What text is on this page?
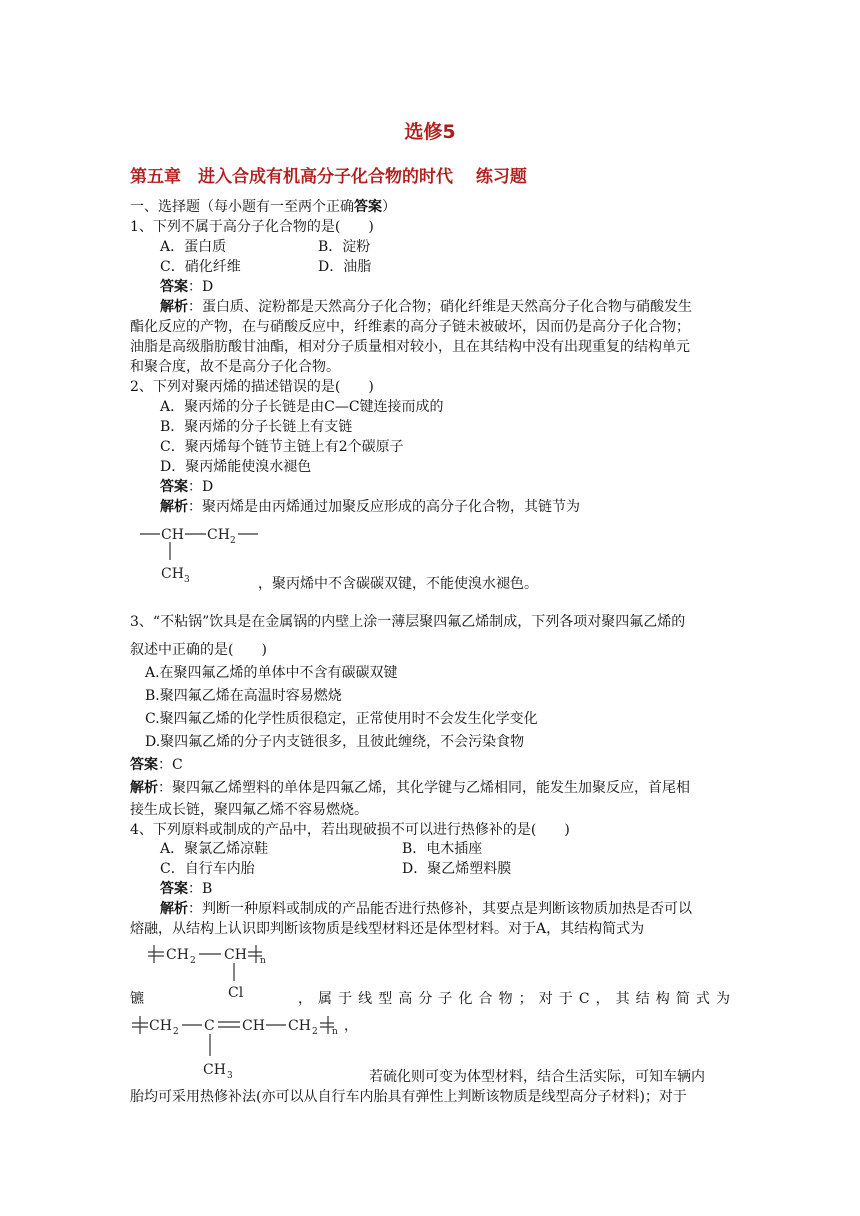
选修5
第五章　进入合成有机高分子化合物的时代　 练习题
一、选择题（每小题有一至两个正确答案）
1、下列不属于高分子化合物的是(　　)
A．蛋白质	B．淀粉
C．硝化纤维	D．油脂
答案：D
解析：蛋白质、淀粉都是天然高分子化合物；硝化纤维是天然高分子化合物与硝酸发生
酯化反应的产物，在与硝酸反应中，纤维素的高分子链未被破坏，因而仍是高分子化合物；
油脂是高级脂肪酸甘油酯，相对分子质量相对较小，且在其结构中没有出现重复的结构单元
和聚合度，故不是高分子化合物。
2、下列对聚丙烯的描述错误的是(　　)
A．聚丙烯的分子长链是由C—C键连接而成的
B．聚丙烯的分子长链上有支链
C．聚丙烯每个链节主链上有2个碳原子
D．聚丙烯能使溴水褪色
答案：D
解析：聚丙烯是由丙烯通过加聚反应形成的高分子化合物，其链节为
CH CH 2
CH 3	，聚丙烯中不含碳碳双键，不能使溴水褪色。
3、“不粘锅”饮具是在金属锅的内壁上涂一薄层聚四氟乙烯制成，下列各项对聚四氟乙烯的
叙述中正确的是(　　)
A.在聚四氟乙烯的单体中不含有碳碳双键
B.聚四氟乙烯在高温时容易燃烧
C.聚四氟乙烯的化学性质很稳定，正常使用时不会发生化学变化
D.聚四氟乙烯的分子内支链很多，且彼此缠绕，不会污染食物
答案：C
解析：聚四氟乙烯塑料的单体是四氟乙烯，其化学键与乙烯相同，能发生加聚反应，首尾相
接生成长链，聚四氟乙烯不容易燃烧。
4、下列原料或制成的产品中，若出现破损不可以进行热修补的是(　　)
A．聚氯乙烯凉鞋	B．电木插座
C．自行车内胎	D．聚乙烯塑料膜
答案：B
解析：判断一种原料或制成的产品能否进行热修补，其要点是判断该物质加热是否可以
熔融，从结构上认识即判断该物质是线型材料还是体型材料。对于A，其结构简式为
CH 2 CH n
Cl
镳	，属于线型高分子化合物；对于C，其结构简式为
CH 2 C CH CH 2 n ，
CH 3	若硫化则可变为体型材料，结合生活实际，可知车辆内
胎均可采用热修补法(亦可以从自行车内胎具有弹性上判断该物质是线型高分子材料)；对于
